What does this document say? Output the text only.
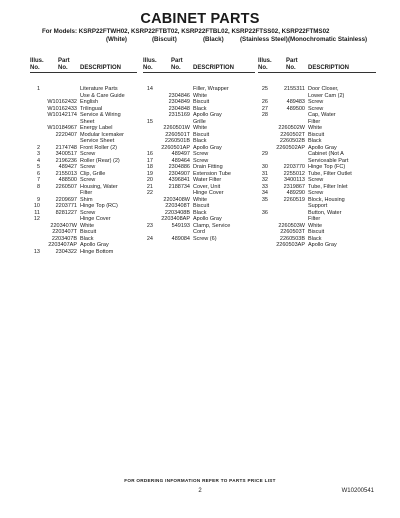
CABINET PARTS
For Models: KSRP22FTWH02, KSRP22FTBT02, KSRP22FTBL02, KSRP22FTSS02, KSRP22FTMS02
(White)	(Biscuit)	(Black)	(Stainless Steel) (Monochromatic Stainless)
Illus.
No.
Part
No. DESCRIPTION
1	Literature Parts
Use & Care Guide
W10162432 English
W10162433 Trilingual
W10142174 Service & Wiring
Sheet
W10184967 Energy Label
2220407 Modular Icemaker
Service Sheet
2	2174748 Front Roller (2)
3	3400517 Screw
4	2196236 Roller (Rear) (2)
5	489427 Screw
6	2155013 Clip, Grille
7	488500 Screw
8	2260507 Housing, Water
Filter
9	2209697 Shim
10	2203771 Hinge Top (RC)
11	8281227 Screw
12	Hinge Cover
2203407W White
2203407T Biscuit
2203407B Black
2203407AP Apollo Gray
13	2304322 Hinge Bottom
Illus.
No.
Part
No. DESCRIPTION
14	Filler, Wrapper
2304846 White
2304849 Biscuit
2304848 Black
2315169 Apollo Gray
15	Grille
2260501W White
2260501T Biscuit
2260501B Black
2260501AP Apollo Gray
16	489497 Screw
17	489464 Screw
18	2304886 Drain Fitting
19	2304907 Extension Tube
20	4396841 Water Filter
21	2188734 Cover, Unit
22	Hinge Cover
2203408W White
2203408T Biscuit
2203408B Black
2203408AP Apollo Gray
23	549193 Clamp, Service
Cord
24	489084 Screw (6)
Illus.
No.
Part
No. DESCRIPTION
25	2155311 Door Closer,
Lower Cam (2)
26	489483 Screw
27	489500 Screw
28	Cap, Water
Filter
2260502W White
2260502T Biscuit
2260502B Black
2260502AP Apollo Gray
29	Cabinet (Not A
Serviceable Part
30	2203770 Hinge Top (FC)
31	2255012 Tube, Filter Outlet
32	3400113 Screw
33	2319867 Tube, Filter Inlet
34	489290 Screw
35	2260519 Block, Housing
Support
36	Button, Water
Filter
2260503W White
2260503T Biscuit
2260503B Black
2260503AP Apollo Gray
FOR ORDERING INFORMATION REFER TO PARTS PRICE LIST
2	W10200541
